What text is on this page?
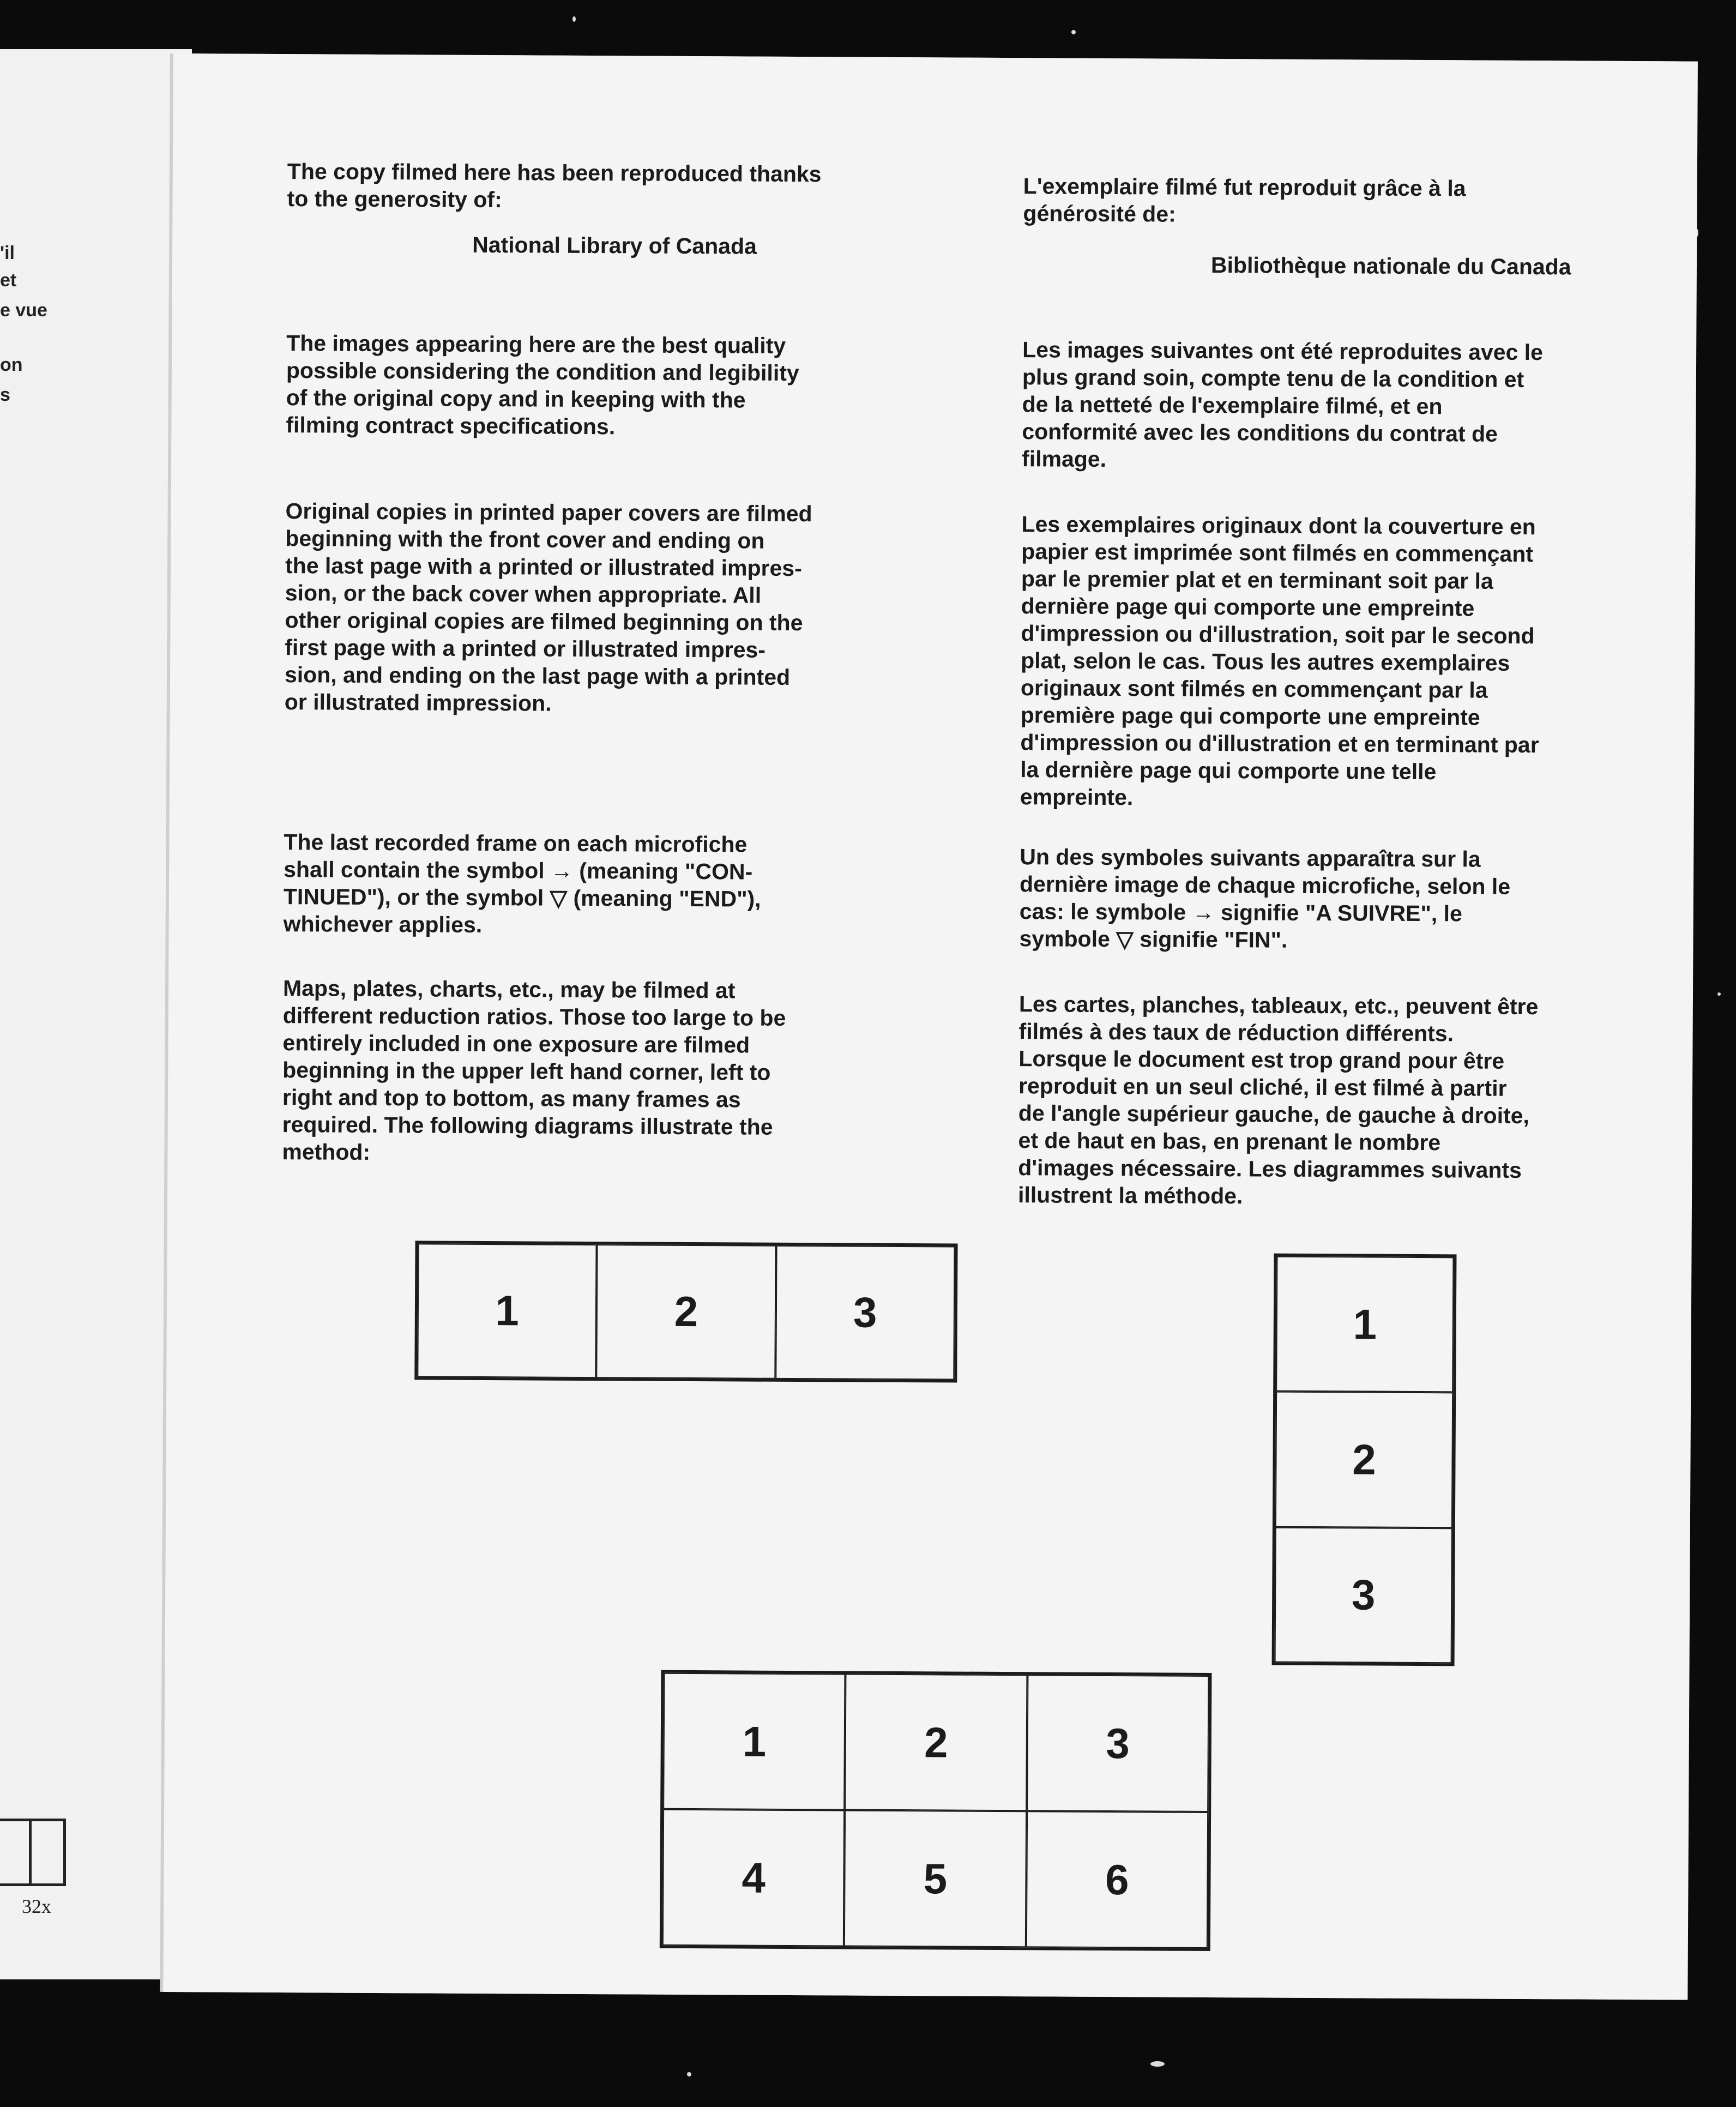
'il
et
e vue
on
s
32x
The copy filmed here has been reproduced thanks
to the generosity of:
National Library of Canada
The images appearing here are the best quality
possible considering the condition and legibility
of the original copy and in keeping with the
filming contract specifications.
Original copies in printed paper covers are filmed
beginning with the front cover and ending on
the last page with a printed or illustrated impres-
sion, or the back cover when appropriate. All
other original copies are filmed beginning on the
first page with a printed or illustrated impres-
sion, and ending on the last page with a printed
or illustrated impression.
The last recorded frame on each microfiche
shall contain the symbol → (meaning "CON-
TINUED"), or the symbol ▽ (meaning "END"),
whichever applies.
Maps, plates, charts, etc., may be filmed at
different reduction ratios. Those too large to be
entirely included in one exposure are filmed
beginning in the upper left hand corner, left to
right and top to bottom, as many frames as
required. The following diagrams illustrate the
method:
L'exemplaire filmé fut reproduit grâce à la
générosité de:
Bibliothèque nationale du Canada
Les images suivantes ont été reproduites avec le
plus grand soin, compte tenu de la condition et
de la netteté de l'exemplaire filmé, et en
conformité avec les conditions du contrat de
filmage.
Les exemplaires originaux dont la couverture en
papier est imprimée sont filmés en commençant
par le premier plat et en terminant soit par la
dernière page qui comporte une empreinte
d'impression ou d'illustration, soit par le second
plat, selon le cas. Tous les autres exemplaires
originaux sont filmés en commençant par la
première page qui comporte une empreinte
d'impression ou d'illustration et en terminant par
la dernière page qui comporte une telle
empreinte.
Un des symboles suivants apparaîtra sur la
dernière image de chaque microfiche, selon le
cas: le symbole → signifie "A SUIVRE", le
symbole ▽ signifie "FIN".
Les cartes, planches, tableaux, etc., peuvent être
filmés à des taux de réduction différents.
Lorsque le document est trop grand pour être
reproduit en un seul cliché, il est filmé à partir
de l'angle supérieur gauche, de gauche à droite,
et de haut en bas, en prenant le nombre
d'images nécessaire. Les diagrammes suivants
illustrent la méthode.
1	2	3	1
2
3
1	2	3
4	5	6
